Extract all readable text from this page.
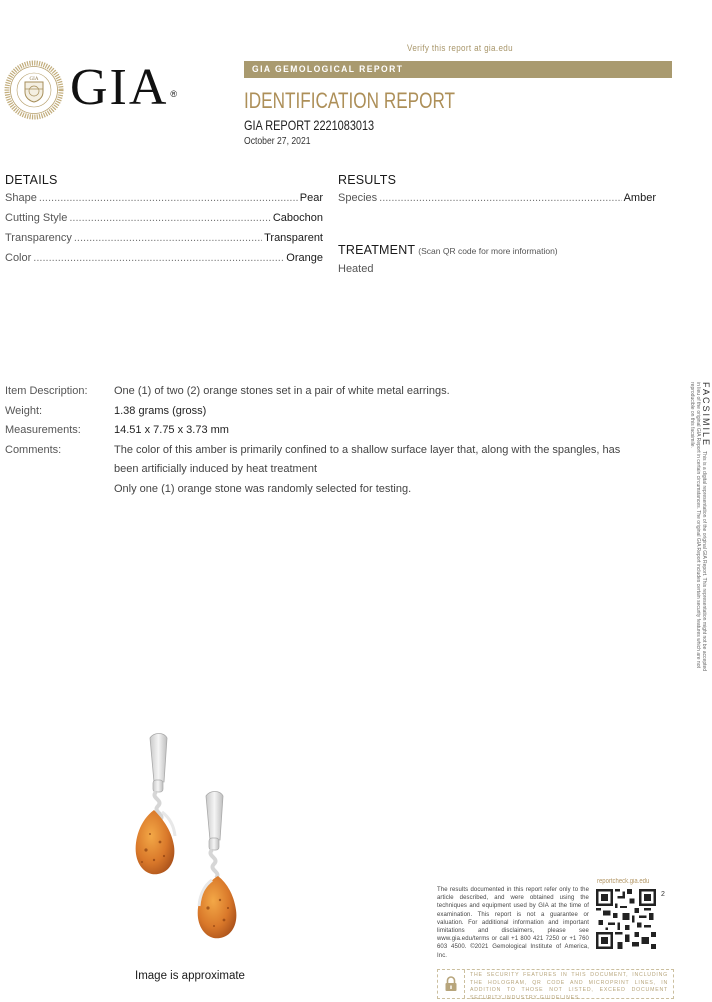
GIA GIA ®
Verify this report at gia.edu
GIA GEMOLOGICAL REPORT
IDENTIFICATION REPORT
GIA REPORT 2221083013
October 27, 2021
DETAILS
Shape .....	Pear
Cutting Style .....	Cabochon
Transparency .....	Transparent
Color .....	Orange
RESULTS
Species .....	Amber
TREATMENT (Scan QR code for more information)
Heated
Item Description:	One (1) of two (2) orange stones set in a pair of white metal earrings.
Weight:	1.38 grams (gross)
Measurements:	14.51 x 7.75 x 3.73 mm
Comments:	The color of this amber is primarily confined to a shallow surface layer that, along with the spangles, has
been artificially induced by heat treatment
Only one (1) orange stone was randomly selected for testing.
FACSIMILEThis is a digital representation of the original GIA Report. This representation might not be accepted in lieu of the original GIA Report in certain circumstances. The original GIA Report includes certain security features which are not reproducible on this facsimile.
Image is approximate
The results documented in this report refer only to the article described, and were obtained using the techniques and equipment used by GIA at the time of examination. This report is not a guarantee or valuation. For additional information and important limitations and disclaimers, please see www.gia.edu/terms or call +1 800 421 7250 or +1 760 603 4500. ©2021 Gemological Institute of America, Inc.
reportcheck.gia.edu
2
THE SECURITY FEATURES IN THIS DOCUMENT, INCLUDING THE HOLOGRAM, QR CODE AND MICROPRINT LINES, IN ADDITION TO THOSE NOT LISTED, EXCEED DOCUMENT SECURITY INDUSTRY GUIDELINES.
